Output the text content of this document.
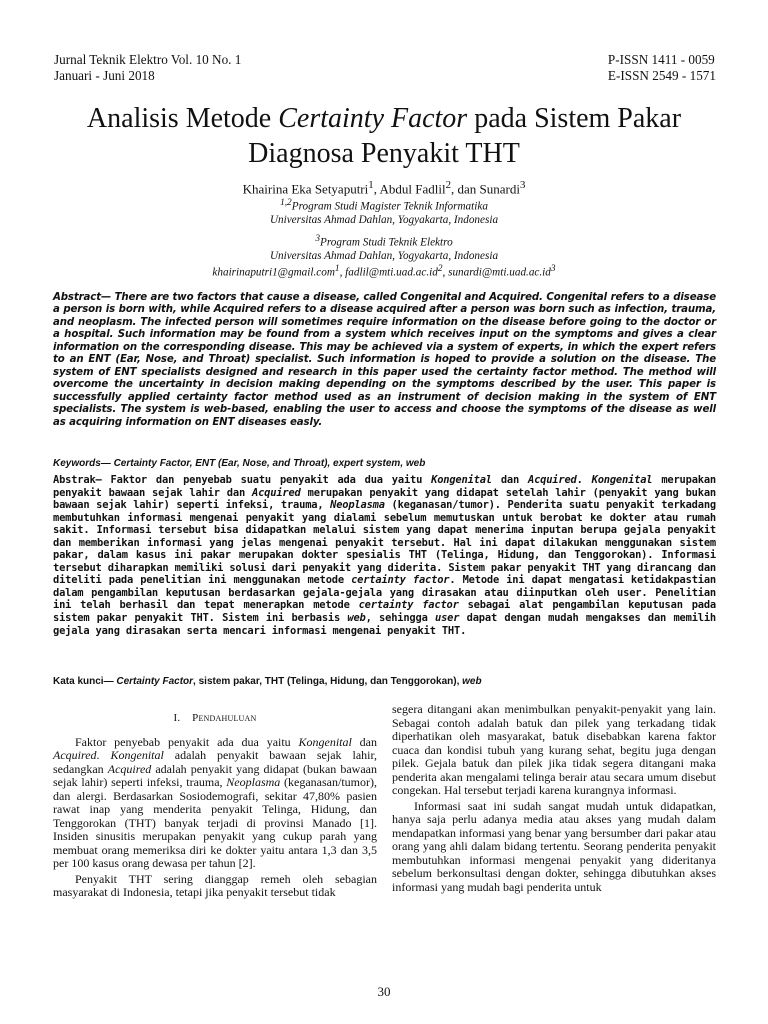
Jurnal Teknik Elektro Vol. 10 No. 1
Januari - Juni 2018
P-ISSN 1411 - 0059
E-ISSN 2549 - 1571
Analisis Metode Certainty Factor pada Sistem Pakar
Diagnosa Penyakit THT
Khairina Eka Setyaputri$^1$, Abdul Fadlil$^2$, dan Sunardi$^3$
$^{1,2}$Program Studi Magister Teknik Informatika
Universitas Ahmad Dahlan, Yogyakarta, Indonesia
$^3$Program Studi Teknik Elektro
Universitas Ahmad Dahlan, Yogyakarta, Indonesia
khairinaputri1@gmail.com$^1$, $fadlil@mti.uad.ac.id^2$, $sunardi@mti.uad.ac.id^3$
Abstract— There are two factors that cause a disease, called Congenital and Acquired. Congenital refers to a disease a person is born with, while Acquired refers to a disease acquired after a person was born such as infection, trauma, and neoplasm. The infected person will sometimes require information on the disease before going to the doctor or a hospital. Such information may be found from a system which receives input on the symptoms and gives a clear information on the corresponding disease. This may be achieved via a system of experts, in which the expert refers to an ENT (Ear, Nose, and Throat) specialist. Such information is hoped to provide a solution on the disease. The system of ENT specialists designed and research in this paper used the certainty factor method. The method will overcome the uncertainty in decision making depending on the symptoms described by the user. This paper is successfully applied certainty factor method used as an instrument of decision making in the system of ENT specialists. The system is web-based, enabling the user to access and choose the symptoms of the disease as well as acquiring information on ENT diseases easly.
Keywords— Certainty Factor, ENT (Ear, Nose, and Throat), expert system, web
Abstrak— Faktor dan penyebab suatu penyakit ada dua yaitu Kongenital dan Acquired. Kongenital merupakan penyakit bawaan sejak lahir dan Acquired merupakan penyakit yang didapat setelah lahir (penyakit yang bukan bawaan sejak lahir) seperti infeksi, trauma, Neoplasma (keganasan/tumor). Penderita suatu penyakit terkadang membutuhkan informasi mengenai penyakit yang dialami sebelum memutuskan untuk berobat ke dokter atau rumah sakit. Informasi tersebut bisa didapatkan melalui sistem yang dapat menerima inputan berupa gejala penyakit dan memberikan informasi yang jelas mengenai penyakit tersebut. Hal ini dapat dilakukan menggunakan sistem pakar, dalam kasus ini pakar merupakan dokter spesialis THT (Telinga, Hidung, dan Tenggorokan). Informasi tersebut diharapkan memiliki solusi dari penyakit yang diderita. Sistem pakar penyakit THT yang dirancang dan diteliti pada penelitian ini menggunakan metode certainty factor. Metode ini dapat mengatasi ketidakpastian dalam pengambilan keputusan berdasarkan gejala-gejala yang dirasakan atau diinputkan oleh user. Penelitian ini telah berhasil dan tepat menerapkan metode certainty factor sebagai alat pengambilan keputusan pada sistem pakar penyakit THT. Sistem ini berbasis web, sehingga user dapat dengan mudah mengakses dan memilih gejala yang dirasakan serta mencari informasi mengenai penyakit THT.
Kata kunci— Certainty Factor, sistem pakar, THT (Telinga, Hidung, dan Tenggorokan), web
I. Pendahuluan

Faktor penyebab penyakit ada dua yaitu Kongenital dan Acquired. Kongenital adalah penyakit bawaan sejak lahir, sedangkan Acquired adalah penyakit yang didapat (bukan bawaan sejak lahir) seperti infeksi, trauma, Neoplasma (keganasan/tumor), dan alergi. Berdasarkan Sosiodemografi, sekitar 47,80% pasien rawat inap yang menderita penyakit Telinga, Hidung, dan Tenggorokan (THT) banyak terjadi di provinsi Manado [1]. Insiden sinusitis merupakan penyakit yang cukup parah yang membuat orang memeriksa diri ke dokter yaitu antara 1,3 dan 3,5 per 100 kasus orang dewasa per tahun [2].

Penyakit THT sering dianggap remeh oleh sebagian masyarakat di Indonesia, tetapi jika penyakit tersebut tidak

segera ditangani akan menimbulkan penyakit-penyakit yang lain. Sebagai contoh adalah batuk dan pilek yang terkadang tidak diperhatikan oleh masyarakat, batuk disebabkan karena faktor cuaca dan kondisi tubuh yang kurang sehat, begitu juga dengan pilek. Gejala batuk dan pilek jika tidak segera ditangani maka penderita akan mengalami telinga berair atau secara umum disebut congekan. Hal tersebut terjadi karena kurangnya informasi.

Informasi saat ini sudah sangat mudah untuk didapatkan, hanya saja perlu adanya media atau akses yang mudah dalam mendapatkan informasi yang benar yang bersumber dari pakar atau orang yang ahli dalam bidang tertentu. Seorang penderita penyakit membutuhkan informasi mengenai penyakit yang dideritanya sebelum berkonsultasi dengan dokter, sehingga dibutuhkan akses informasi yang mudah bagi penderita untuk

30
